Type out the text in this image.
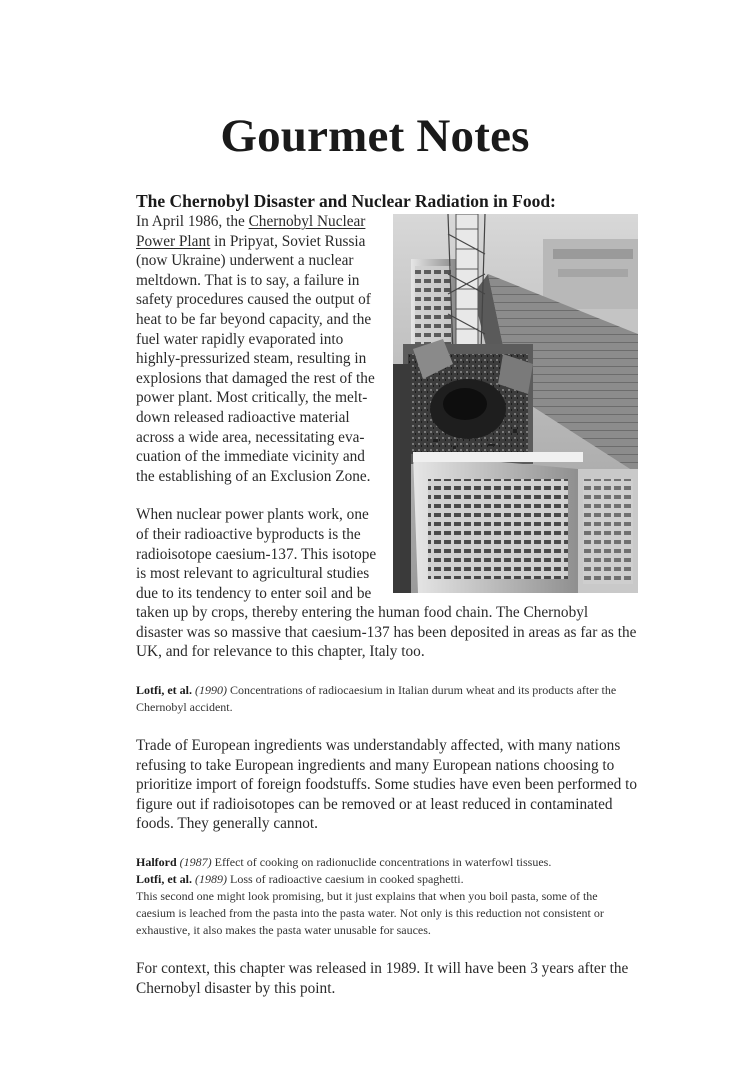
Gourmet Notes

The Chernobyl Disaster and Nuclear Radiation in Food:

In April 1986, the Chernobyl Nuclear Power Plant in Pripyat, Soviet Russia (now Ukraine) underwent a nuclear meltdown. That is to say, a failure in safety procedures caused the output of heat to be far beyond capacity, and the fuel water rapidly evaporated into highly-pressurized steam, resulting in explosions that damaged the rest of the power plant. Most critically, the melt-down released radioactive material across a wide area, necessitating eva-cuation of the immediate vicinity and the establishing of an Exclusion Zone.

When nuclear power plants work, one of their radioactive byproducts is the radioisotope caesium-137. This isotope is most relevant to agricultural studies due to its tendency to enter soil and be taken up by crops, thereby entering the human food chain. The Chernobyl disaster was so massive that caesium-137 has been deposited in areas as far as the UK, and for relevance to this chapter, Italy too.

Lotfi, et al. (1990) Concentrations of radiocaesium in Italian durum wheat and its products after the Chernobyl accident.

Trade of European ingredients was understandably affected, with many nations refusing to take European ingredients and many European nations choosing to prioritize import of foreign foodstuffs. Some studies have even been performed to figure out if radioisotopes can be removed or at least reduced in contaminated foods. They generally cannot.

Halford (1987) Effect of cooking on radionuclide concentrations in waterfowl tissues.

Lotfi, et al. (1989) Loss of radioactive caesium in cooked spaghetti.

This second one might look promising, but it just explains that when you boil pasta, some of the caesium is leached from the pasta into the pasta water. Not only is this reduction not consistent or exhaustive, it also makes the pasta water unusable for sauces.

For context, this chapter was released in 1989. It will have been 3 years after the Chernobyl disaster by this point.
